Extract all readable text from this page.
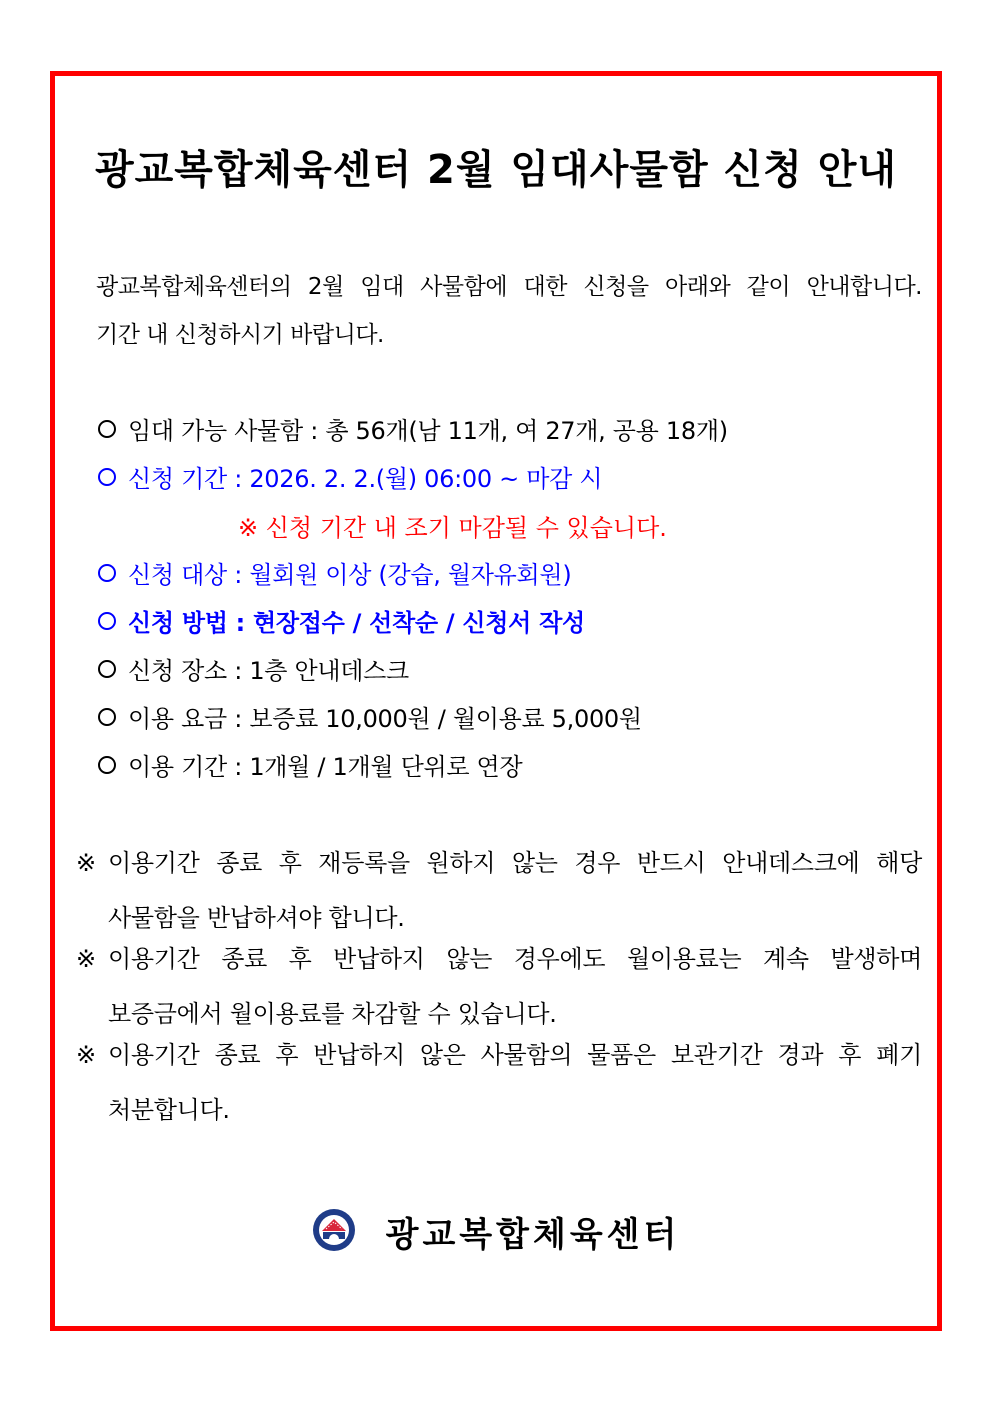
광교복합체육센터 2월 임대사물함 신청 안내
광교복합체육센터의 2월 임대 사물함에 대한 신청을 아래와 같이 안내합니다.
기간 내 신청하시기 바랍니다.
임대 가능 사물함 : 총 56개(남 11개, 여 27개, 공용 18개)
신청 기간 : 2026. 2. 2.(월) 06:00 ~ 마감 시
※ 신청 기간 내 조기 마감될 수 있습니다.
신청 대상 : 월회원 이상 (강습, 월자유회원)
신청 방법 : 현장접수 / 선착순 / 신청서 작성
신청 장소 : 1층 안내데스크
이용 요금 : 보증료 10,000원 / 월이용료 5,000원
이용 기간 : 1개월 / 1개월 단위로 연장
※ 이용기간 종료 후 재등록을 원하지 않는 경우 반드시 안내데스크에 해당
사물함을 반납하셔야 합니다.
※ 이용기간 종료 후 반납하지 않는 경우에도 월이용료는 계속 발생하며
보증금에서 월이용료를 차감할 수 있습니다.
※ 이용기간 종료 후 반납하지 않은 사물함의 물품은 보관기간 경과 후 폐기
처분합니다.
광교복합체육센터
